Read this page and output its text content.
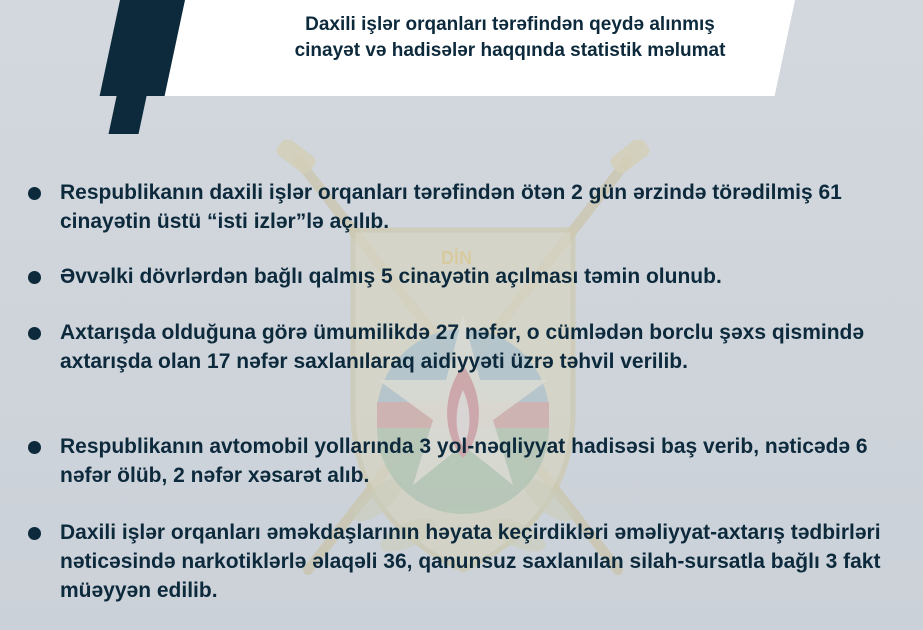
Daxili işlər orqanları tərəfindən qeydə alınmış
cinayət və hadisələr haqqında statistik məlumat
Respublikanın daxili işlər orqanları tərəfindən ötən 2 gün ərzində törədilmiş 61 cinayətin üstü “isti izlər”lə açılıb.
Əvvəlki dövrlərdən bağlı qalmış 5 cinayətin açılması təmin olunub.
Axtarışda olduğuna görə ümumilikdə 27 nəfər, o cümlədən borclu şəxs qismində axtarışda olan 17 nəfər saxlanılaraq aidiyyəti üzrə təhvil verilib.
Respublikanın avtomobil yollarında 3 yol-nəqliyyat hadisəsi baş verib, nəticədə 6 nəfər ölüb, 2 nəfər xəsarət alıb.
Daxili işlər orqanları əməkdaşlarının həyata keçirdikləri əməliyyat-axtarış tədbirləri nəticəsində narkotiklərlə əlaqəli 36, qanunsuz saxlanılan silah-sursatla bağlı 3 fakt müəyyən edilib.
DİN
